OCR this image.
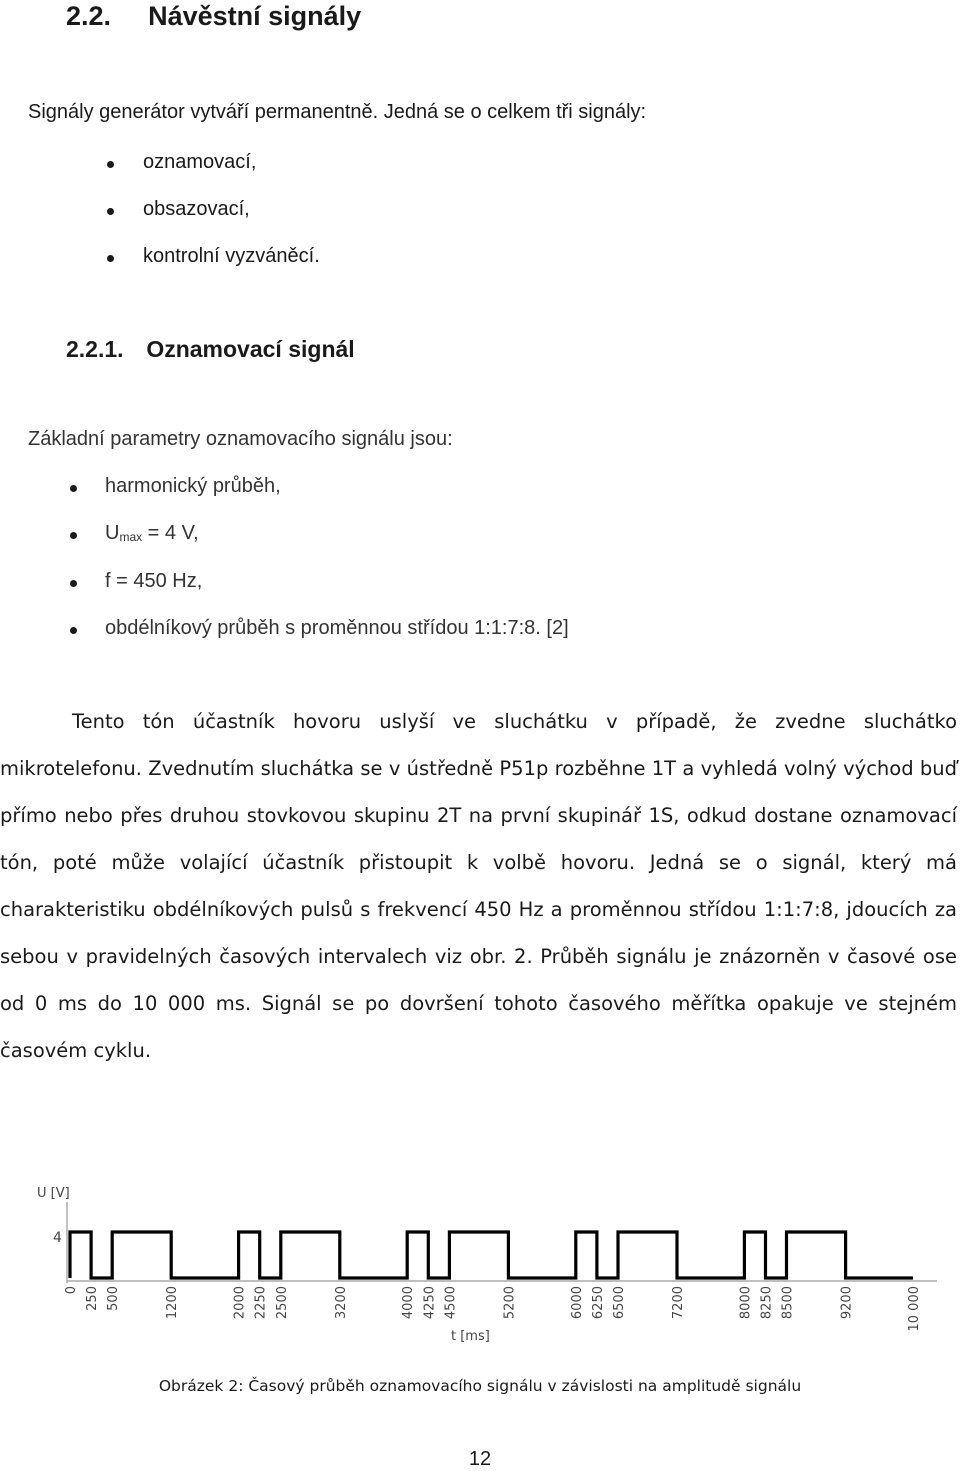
2.2. Návěstní signály
Signály generátor vytváří permanentně. Jedná se o celkem tři signály:
oznamovací,
obsazovací,
kontrolní vyzváněcí.
2.2.1. Oznamovací signál
Základní parametry oznamovacího signálu jsou:
harmonický průběh,
$U_{max} = 4$ V,
f = 450 Hz,
obdélníkový průběh s proměnnou střídou 1:1:7:8. [2]
Tento tón účastník hovoru uslyší ve sluchátku v případě, že zvedne sluchátko mikrotelefonu. Zvednutím sluchátka se v ústředně P51p rozběhne 1T a vyhledá volný východ buď přímo nebo přes druhou stovkovou skupinu 2T na první skupinář 1S, odkud dostane oznamovací tón, poté může volající účastník přistoupit k volbě hovoru. Jedná se o signál, který má charakteristiku obdélníkových pulsů s frekvencí 450 Hz a proměnnou střídou 1:1:7:8, jdoucích za sebou v pravidelných časových intervalech viz obr. 2. Průběh signálu je znázorněn v časové ose od 0 ms do 10 000 ms. Signál se po dovršení tohoto časového měřítka opakuje ve stejném časovém cyklu.
U [V]
4
0 250 500	1200	2000 2250 2500	3200	4000 4250 4500	5200	6000 6250 6500	7200	8000 8250 8500	9200	10 000
t [ms]
Obrázek 2: Časový průběh oznamovacího signálu v závislosti na amplitudě signálu
12
